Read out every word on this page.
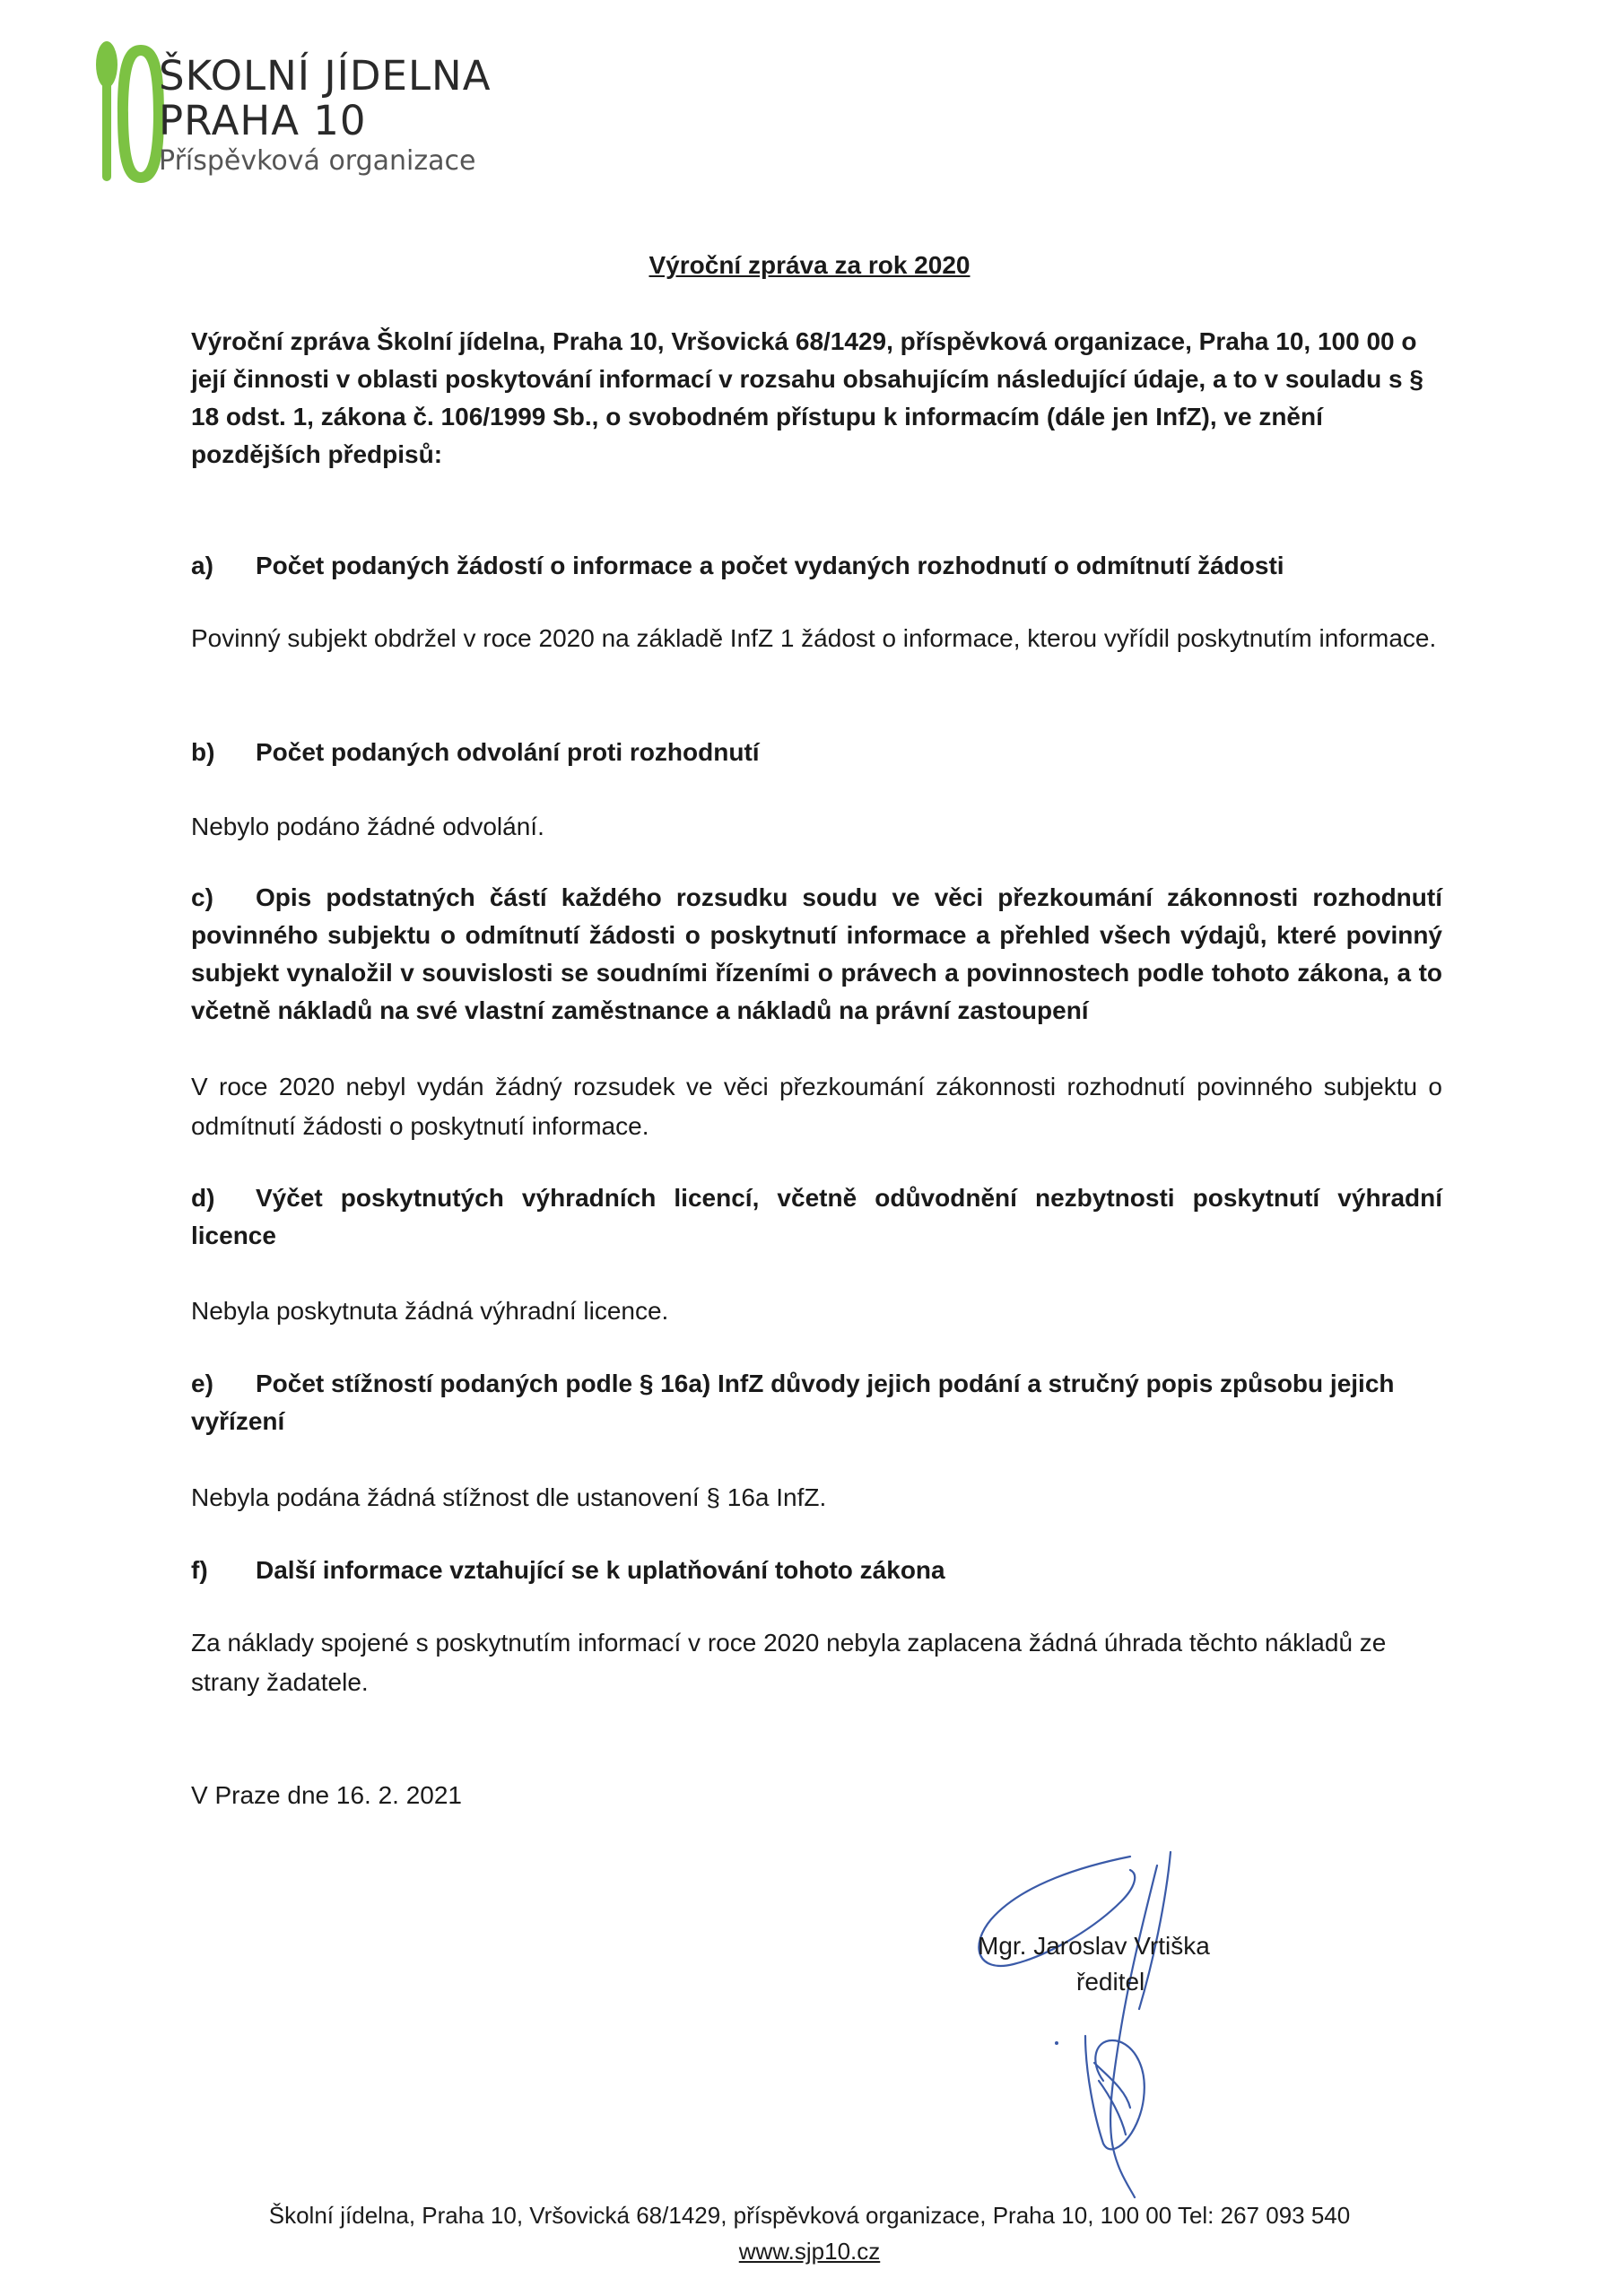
ŠKOLNÍ JÍDELNA
PRAHA 10
Příspěvková organizace
Výroční zpráva za rok 2020
Výroční zpráva Školní jídelna, Praha 10, Vršovická 68/1429, příspěvková organizace, Praha 10, 100 00 o její činnosti v oblasti poskytování informací v rozsahu obsahujícím následující údaje, a to v souladu s § 18 odst. 1, zákona č. 106/1999 Sb., o svobodném přístupu k informacím (dále jen InfZ), ve znění pozdějších předpisů:
a) Počet podaných žádostí o informace a počet vydaných rozhodnutí o odmítnutí žádosti
Povinný subjekt obdržel v roce 2020 na základě InfZ 1 žádost o informace, kterou vyřídil poskytnutím informace.
b) Počet podaných odvolání proti rozhodnutí
Nebylo podáno žádné odvolání.
c) Opis podstatných částí každého rozsudku soudu ve věci přezkoumání zákonnosti rozhodnutí povinného subjektu o odmítnutí žádosti o poskytnutí informace a přehled všech výdajů, které povinný subjekt vynaložil v souvislosti se soudními řízeními o právech a povinnostech podle tohoto zákona, a to včetně nákladů na své vlastní zaměstnance a nákladů na právní zastoupení
V roce 2020 nebyl vydán žádný rozsudek ve věci přezkoumání zákonnosti rozhodnutí povinného subjektu o odmítnutí žádosti o poskytnutí informace.
d) Výčet poskytnutých výhradních licencí, včetně odůvodnění nezbytnosti poskytnutí výhradní licence
Nebyla poskytnuta žádná výhradní licence.
e) Počet stížností podaných podle § 16a) InfZ důvody jejich podání a stručný popis způsobu jejich vyřízení
Nebyla podána žádná stížnost dle ustanovení § 16a InfZ.
f) Další informace vztahující se k uplatňování tohoto zákona
Za náklady spojené s poskytnutím informací v roce 2020 nebyla zaplacena žádná úhrada těchto nákladů ze strany žadatele.
V Praze dne 16. 2. 2021
Mgr. Jaroslav Vrtiška
ředitel
Školní jídelna, Praha 10, Vršovická 68/1429, příspěvková organizace, Praha 10, 100 00 Tel: 267 093 540
www.sjp10.cz
